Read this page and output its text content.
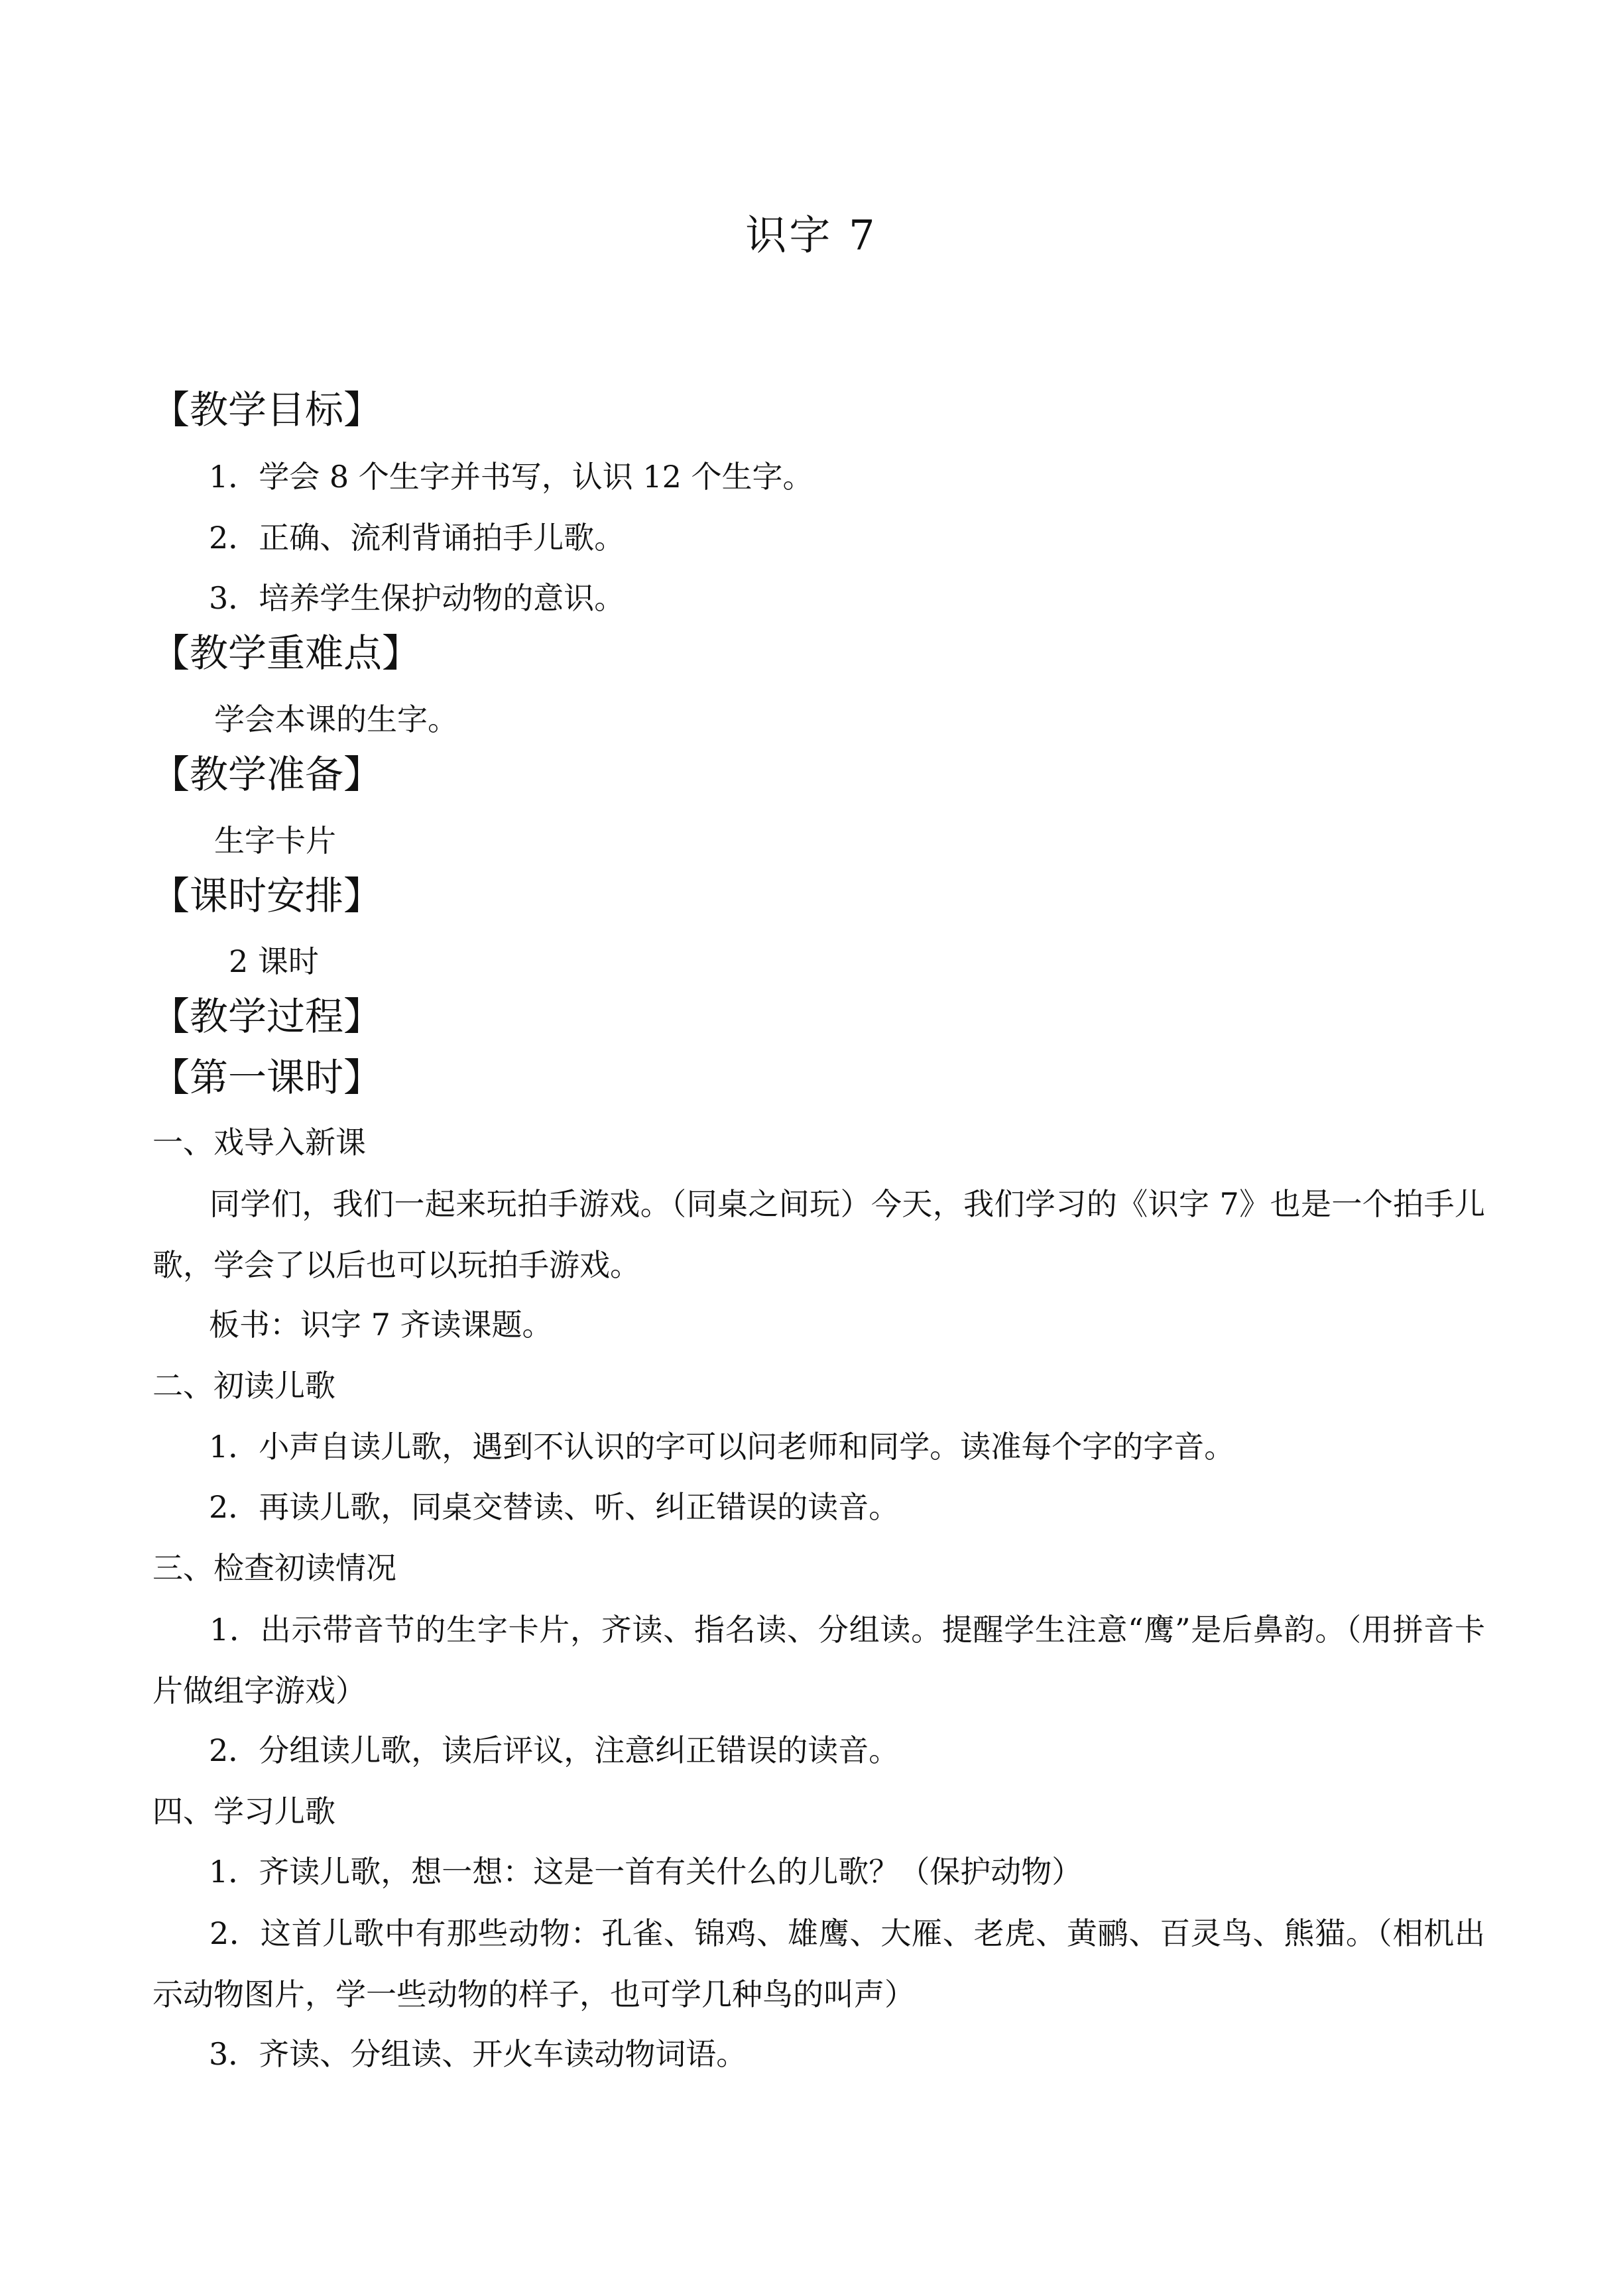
识字 7
【教学目标】
1．学会 8 个生字并书写，认识 12 个生字。
2．正确、流利背诵拍手儿歌。
3．培养学生保护动物的意识。
【教学重难点】
学会本课的生字。
【教学准备】
生字卡片
【课时安排】
2 课时
【教学过程】
【第一课时】
一、戏导入新课
同学们，我们一起来玩拍手游戏。（同桌之间玩）今天，我们学习的《识字 7》也是一个拍手儿歌，学会了以后也可以玩拍手游戏。
板书：识字 7 齐读课题。
二、初读儿歌
1．小声自读儿歌，遇到不认识的字可以问老师和同学。读准每个字的字音。
2．再读儿歌，同桌交替读、听、纠正错误的读音。
三、检查初读情况
1．出示带音节的生字卡片，齐读、指名读、分组读。提醒学生注意“鹰”是后鼻韵。（用拼音卡片做组字游戏）
2．分组读儿歌，读后评议，注意纠正错误的读音。
四、学习儿歌
1．齐读儿歌，想一想：这是一首有关什么的儿歌？（保护动物）
2．这首儿歌中有那些动物：孔雀、锦鸡、雄鹰、大雁、老虎、黄鹂、百灵鸟、熊猫。（相机出示动物图片，学一些动物的样子，也可学几种鸟的叫声）
3．齐读、分组读、开火车读动物词语。
